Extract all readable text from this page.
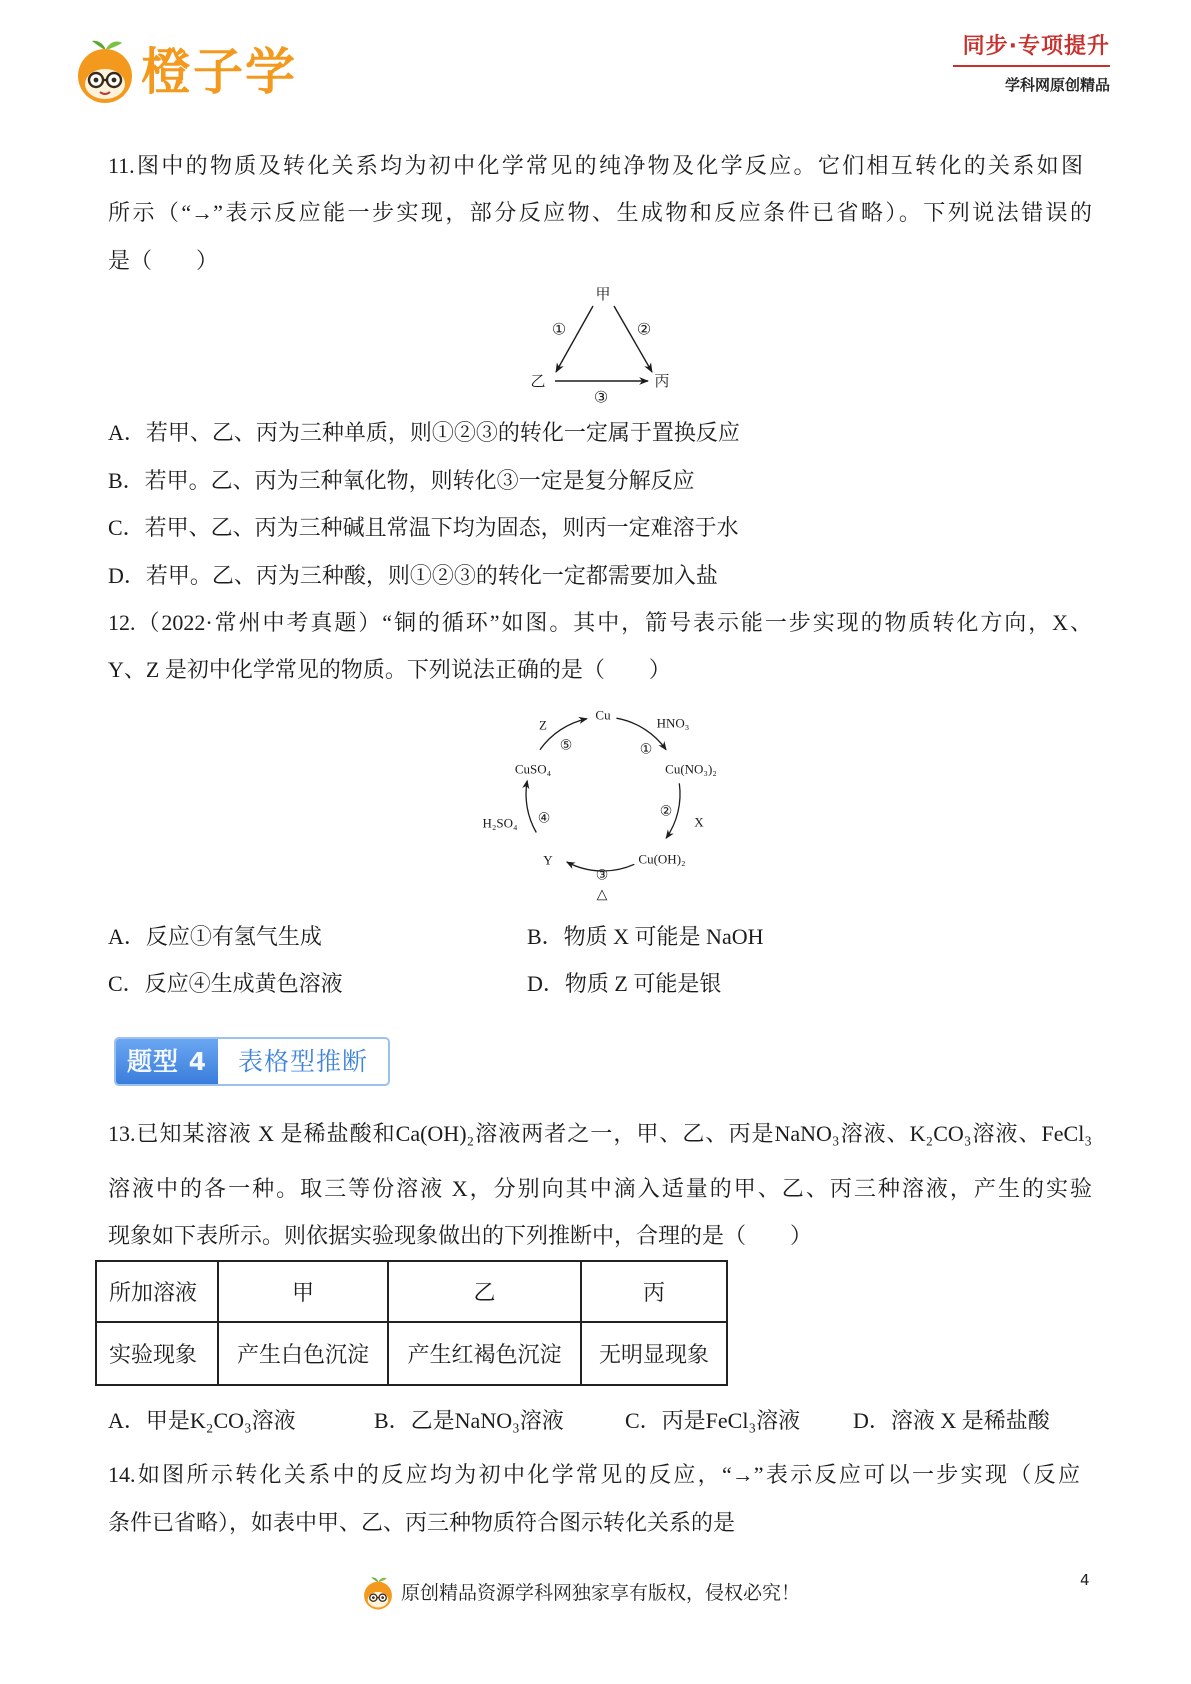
橙子学	同步·专项提升
学科网原创精品
11.图中的物质及转化关系均为初中化学常见的纯净物及化学反应。它们相互转化的关系如图
所示（“→”表示反应能一步实现，部分反应物、生成物和反应条件已省略）。下列说法错误的
是（　　）
甲
乙	丙
①	②
③
A．若甲、乙、丙为三种单质，则①②③的转化一定属于置换反应
B．若甲。乙、丙为三种氧化物，则转化③一定是复分解反应
C．若甲、乙、丙为三种碱且常温下均为固态，则丙一定难溶于水
D．若甲。乙、丙为三种酸，则①②③的转化一定都需要加入盐
12.（2022·常州中考真题）“铜的循环”如图。其中，箭号表示能一步实现的物质转化方向，X、
Y、Z 是初中化学常见的物质。下列说法正确的是（　　）
Cu
HNO₃
①
Cu(NO₃)₂
②
X
Cu(OH)₂
③
△
Y
④
H₂SO₄
CuSO₄
⑤
Z
A．反应①有氢气生成	B．物质 X 可能是 NaOH
C．反应④生成黄色溶液	D．物质 Z 可能是银
题型 4	表格型推断
13.已知某溶液 X 是稀盐酸和Ca(OH)₂溶液两者之一，甲、乙、丙是NaNO₃溶液、K₂CO₃溶液、FeCl₃
溶液中的各一种。取三等份溶液 X，分别向其中滴入适量的甲、乙、丙三种溶液，产生的实验
现象如下表所示。则依据实验现象做出的下列推断中，合理的是（　　）
所加溶液	甲	乙	丙
实验现象	产生白色沉淀	产生红褐色沉淀	无明显现象
A．甲是K₂CO₃溶液	B．乙是NaNO₃溶液	C．丙是FeCl₃溶液 D．溶液 X 是稀盐酸
14.如图所示转化关系中的反应均为初中化学常见的反应，“→”表示反应可以一步实现（反应
条件已省略），如表中甲、乙、丙三种物质符合图示转化关系的是
原创精品资源学科网独家享有版权，侵权必究！
4
